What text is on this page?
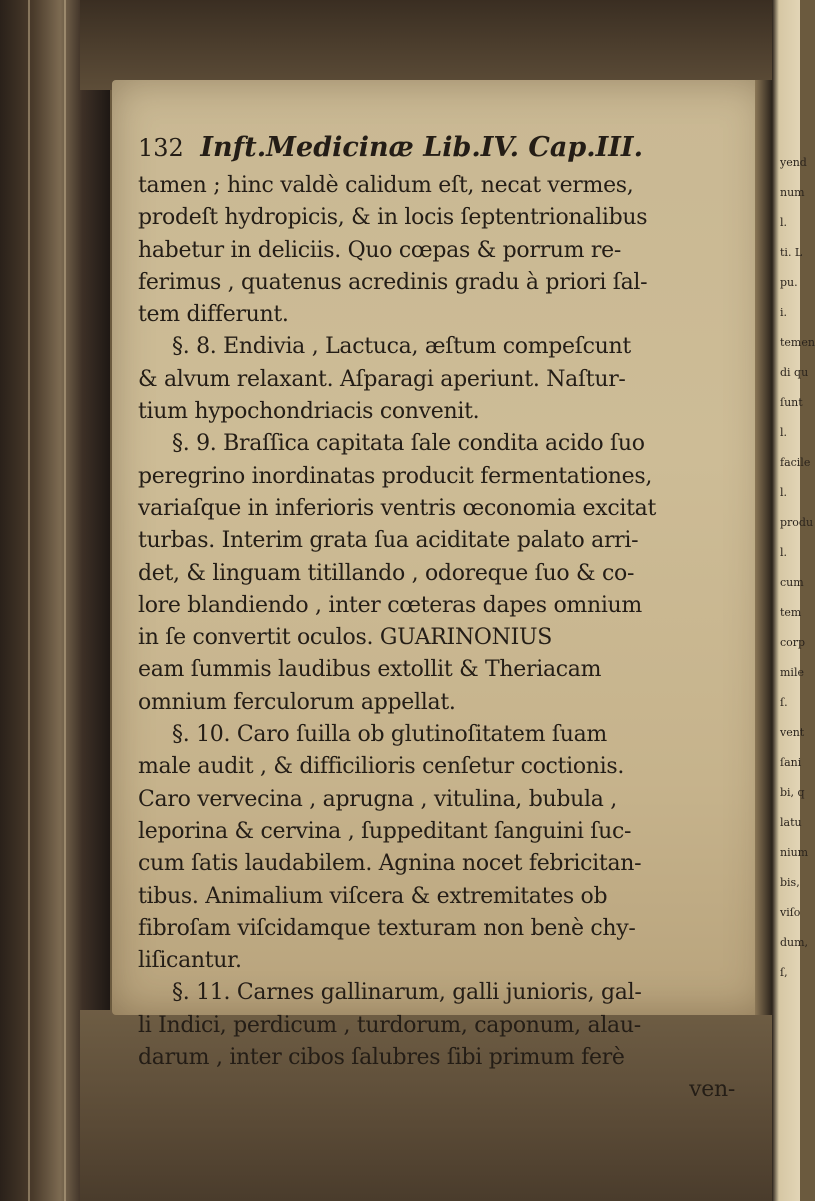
yend
num
l.
ti. L
pu.
i.
temen
di qu
ſunt
l.
facile
l.
produ
l.
cum
tem
corp
mile
ſ.
vent
ſani
bi, q
latu
nium
bis,
viſo
dum,
ſ,
132 Inft.Medicinæ Lib.IV. Cap.III.
tamen ; hinc valdè calidum eſt, necat vermes,
prodeſt hydropicis, & in locis ſeptentrionalibus
habetur in deliciis. Quo cœpas & porrum re-
ferimus , quatenus acredinis gradu à priori ſal-
tem differunt.
§. 8. Endivia , Lactuca, æſtum compeſcunt
& alvum relaxant. Aſparagi aperiunt. Naſtur-
tium hypochondriacis convenit.
§. 9. Braſſica capitata ſale condita acido ſuo
peregrino inordinatas producit fermentationes,
variaſque in inferioris ventris œconomia excitat
turbas. Interim grata ſua aciditate palato arri-
det, & linguam titillando , odoreque ſuo & co-
lore blandiendo , inter cœteras dapes omnium
in ſe convertit oculos. GUARINONIUS
eam ſummis laudibus extollit & Theriacam
omnium ferculorum appellat.
§. 10. Caro ſuilla ob glutinoſitatem ſuam
male audit , & difficilioris cenſetur coctionis.
Caro vervecina , aprugna , vitulina, bubula ,
leporina & cervina , ſuppeditant ſanguini ſuc-
cum ſatis laudabilem. Agnina nocet febricitan-
tibus. Animalium viſcera & extremitates ob
fibroſam viſcidamque texturam non benè chy-
liſicantur.
§. 11. Carnes gallinarum, galli junioris, gal-
li Indici, perdicum , turdorum, caponum, alau-
darum , inter cibos ſalubres ſibi primum ferè
ven-
